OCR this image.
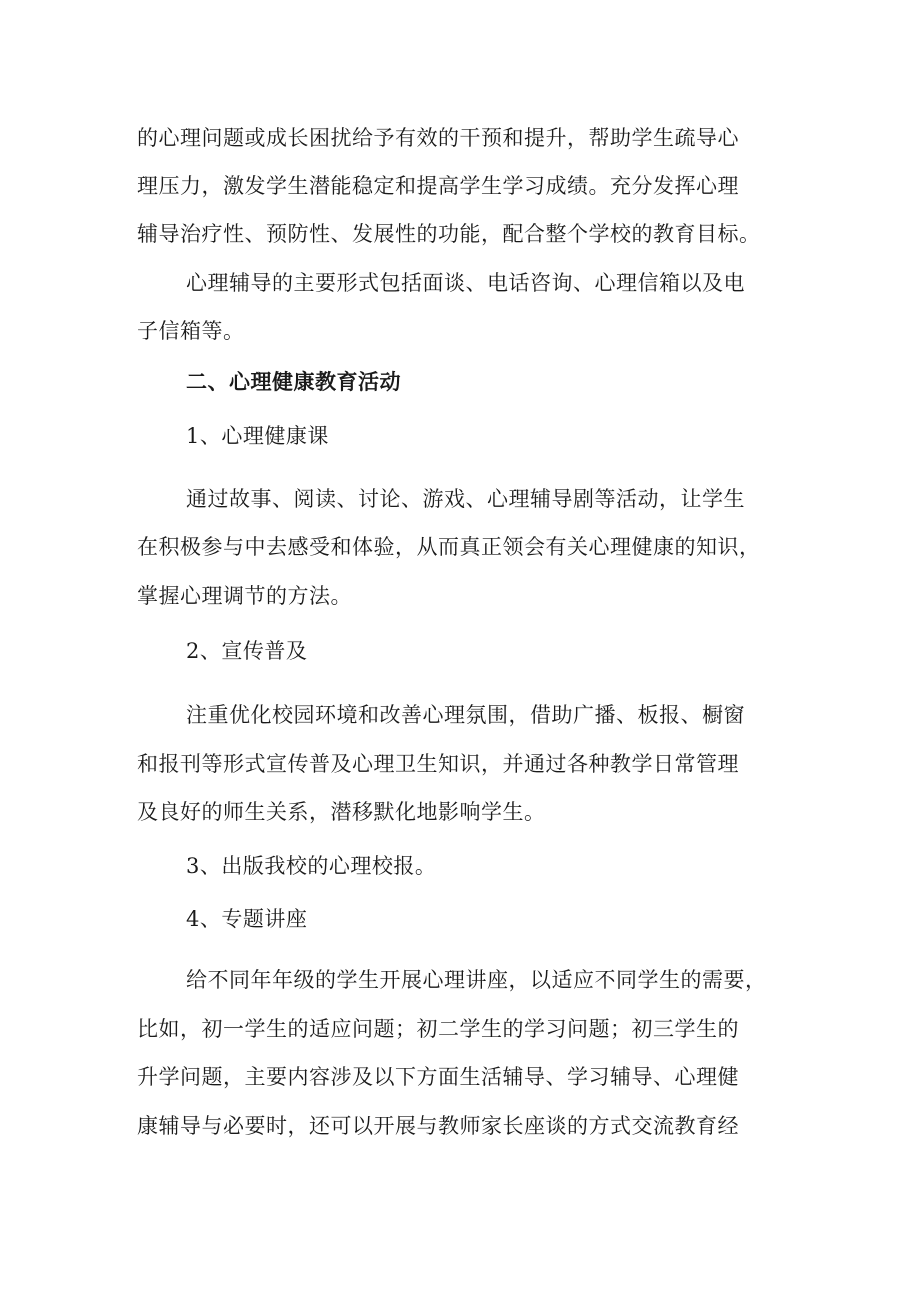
的心理问题或成长困扰给予有效的干预和提升，帮助学生疏导心
理压力，激发学生潜能稳定和提高学生学习成绩。充分发挥心理
辅导治疗性、预防性、发展性的功能，配合整个学校的教育目标。
心理辅导的主要形式包括面谈、电话咨询、心理信箱以及电
子信箱等。
二、心理健康教育活动
1、心理健康课
通过故事、阅读、讨论、游戏、心理辅导剧等活动，让学生
在积极参与中去感受和体验，从而真正领会有关心理健康的知识，
掌握心理调节的方法。
2、宣传普及
注重优化校园环境和改善心理氛围，借助广播、板报、橱窗
和报刊等形式宣传普及心理卫生知识，并通过各种教学日常管理
及良好的师生关系，潜移默化地影响学生。
3、出版我校的心理校报。
4、专题讲座
给不同年年级的学生开展心理讲座，以适应不同学生的需要，
比如，初一学生的适应问题；初二学生的学习问题；初三学生的
升学问题，主要内容涉及以下方面生活辅导、学习辅导、心理健
康辅导与必要时，还可以开展与教师家长座谈的方式交流教育经
